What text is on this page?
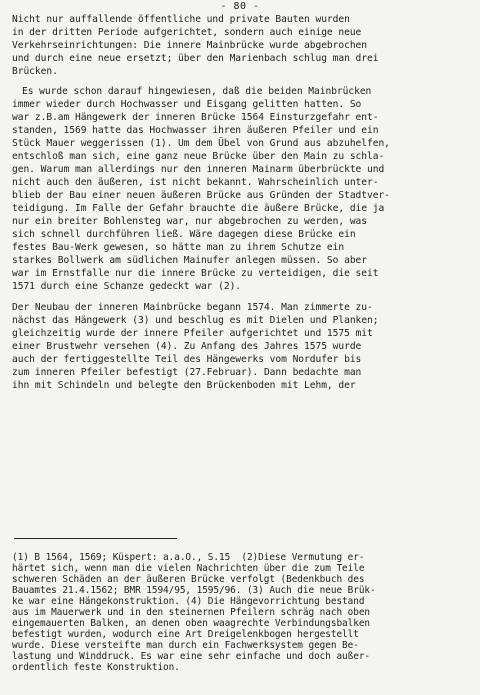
- 80 -
Nicht nur auffallende öffentliche und private Bauten wurden
in der dritten Periode aufgerichtet, sondern auch einige neue
Verkehrseinrichtungen: Die innere Mainbrücke wurde abgebrochen
und durch eine neue ersetzt; über den Marienbach schlug man drei
Brücken.
Es wurde schon darauf hingewiesen, daß die beiden Mainbrücken
immer wieder durch Hochwasser und Eisgang gelitten hatten. So
war z.B.am Hängewerk der inneren Brücke 1564 Einsturzgefahr ent-
standen, 1569 hatte das Hochwasser ihren äußeren Pfeiler und ein
Stück Mauer weggerissen (1). Um dem Übel von Grund aus abzuhelfen,
entschloß man sich, eine ganz neue Brücke über den Main zu schla-
gen. Warum man allerdings nur den inneren Mainarm überbrückte und
nicht auch den äußeren, ist nicht bekannt. Wahrscheinlich unter-
blieb der Bau einer neuen äußeren Brücke aus Gründen der Stadtver-
teidigung. Im Falle der Gefahr brauchte die äußere Brücke, die ja
nur ein breiter Bohlensteg war, nur abgebrochen zu werden, was
sich schnell durchführen ließ. Wäre dagegen diese Brücke ein
festes Bau-Werk gewesen, so hätte man zu ihrem Schutze ein
starkes Bollwerk am südlichen Mainufer anlegen müssen. So aber
war im Ernstfalle nur die innere Brücke zu verteidigen, die seit
1571 durch eine Schanze gedeckt war (2).
Der Neubau der inneren Mainbrücke begann 1574. Man zimmerte zu-
nächst das Hängewerk (3) und beschlug es mit Dielen und Planken;
gleichzeitig wurde der innere Pfeiler aufgerichtet und 1575 mit
einer Brustwehr versehen (4). Zu Anfang des Jahres 1575 wurde
auch der fertiggestellte Teil des Hängewerks vom Nordufer bis
zum inneren Pfeiler befestigt (27.Februar). Dann bedachte man
ihn mit Schindeln und belegte den Brückenboden mit Lehm, der
(1) B 1564, 1569; Küspert: a.a.O., S.15  (2)Diese Vermutung er-
härtet sich, wenn man die vielen Nachrichten über die zum Teile
schweren Schäden an der äußeren Brücke verfolgt (Bedenkbuch des
Bauamtes 21.4.1562; BMR 1594/95, 1595/96. (3) Auch die neue Brük-
ke war eine Hängekonstruktion. (4) Die Hängevorrichtung bestand
aus im Mauerwerk und in den steinernen Pfeilern schräg nach oben
eingemauerten Balken, an denen oben waagrechte Verbindungsbalken
befestigt wurden, wodurch eine Art Dreigelenkbogen hergestellt
wurde. Diese versteifte man durch ein Fachwerksystem gegen Be-
lastung und Winddruck. Es war eine sehr einfache und doch außer-
ordentlich feste Konstruktion.
